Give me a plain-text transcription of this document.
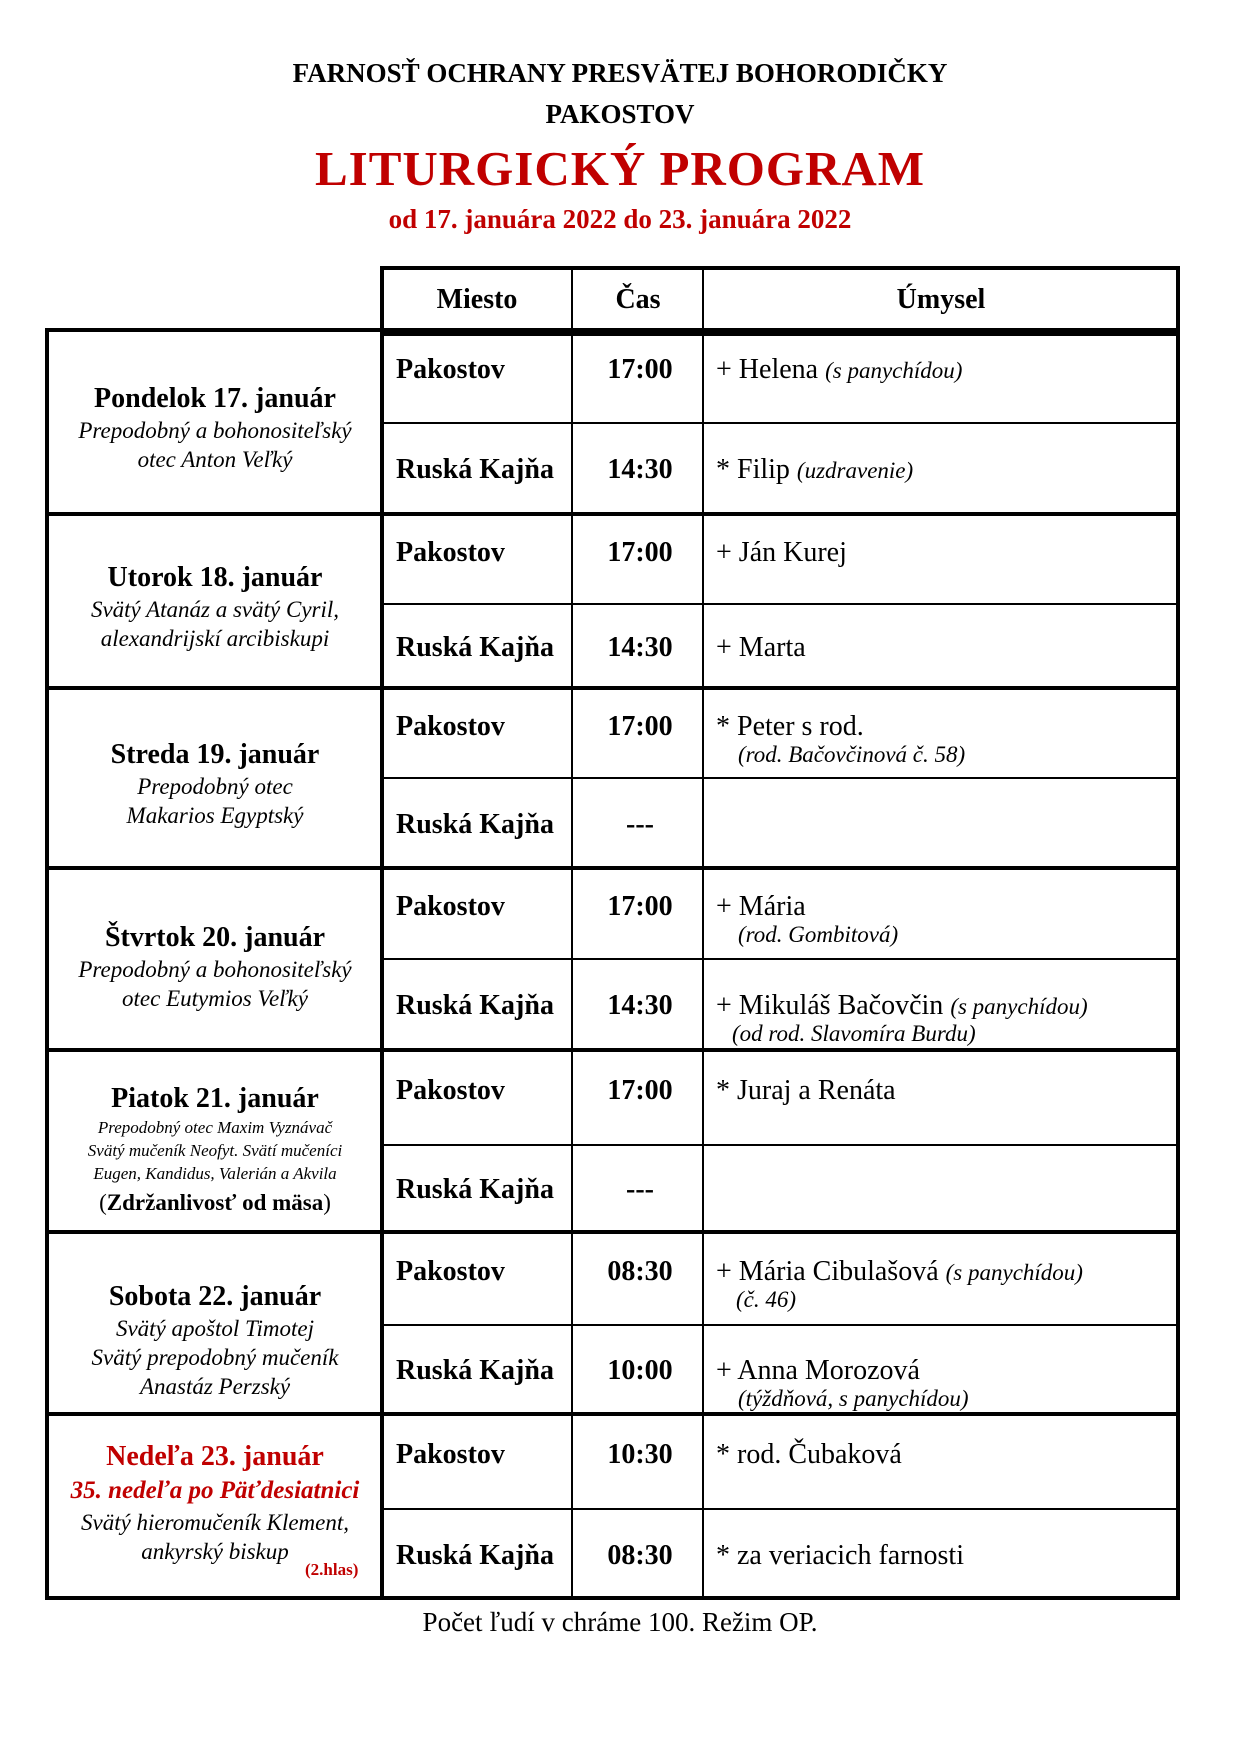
FARNOSŤ OCHRANY PRESVÄTEJ BOHORODIČKY
PAKOSTOV
LITURGICKÝ PROGRAM
od 17. januára 2022 do 23. januára 2022
Miesto	Čas	Úmysel
Pondelok 17. január
Prepodobný a bohonositeľský
otec Anton Veľký
Pakostov	17:00	+ Helena (s panychídou)
Ruská Kajňa	14:30	* Filip (uzdravenie)
Utorok 18. január
Svätý Atanáz a svätý Cyril,
alexandrijskí arcibiskupi
Pakostov	17:00	+ Ján Kurej
Ruská Kajňa	14:30	+ Marta
Streda 19. január
Prepodobný otec
Makarios Egyptský
Pakostov	17:00	* Peter s rod.
(rod. Bačovčinová č. 58)
Ruská Kajňa	---
Štvrtok 20. január
Prepodobný a bohonositeľský
otec Eutymios Veľký
Pakostov	17:00	+ Mária
(rod. Gombitová)
Ruská Kajňa	14:30	+ Mikuláš Bačovčin (s panychídou)
(od rod. Slavomíra Burdu)
Piatok 21. január
Prepodobný otec Maxim Vyznávač
Svätý mučeník Neofyt. Svätí mučeníci
Eugen, Kandidus, Valerián a Akvila
(Zdržanlivosť od mäsa)
Pakostov	17:00	* Juraj a Renáta
Ruská Kajňa	---
Sobota 22. január
Svätý apoštol Timotej
Svätý prepodobný mučeník
Anastáz Perzský
Pakostov	08:30	+ Mária Cibulašová (s panychídou)
(č. 46)
Ruská Kajňa	10:00	+ Anna Morozová
(týždňová, s panychídou)
Nedeľa 23. január
35. nedeľa po Päťdesiatnici
Svätý hieromučeník Klement,
ankyrský biskup
(2.hlas)
Pakostov	10:30	* rod. Čubaková
Ruská Kajňa	08:30	* za veriacich farnosti
Počet ľudí v chráme 100. Režim OP.
